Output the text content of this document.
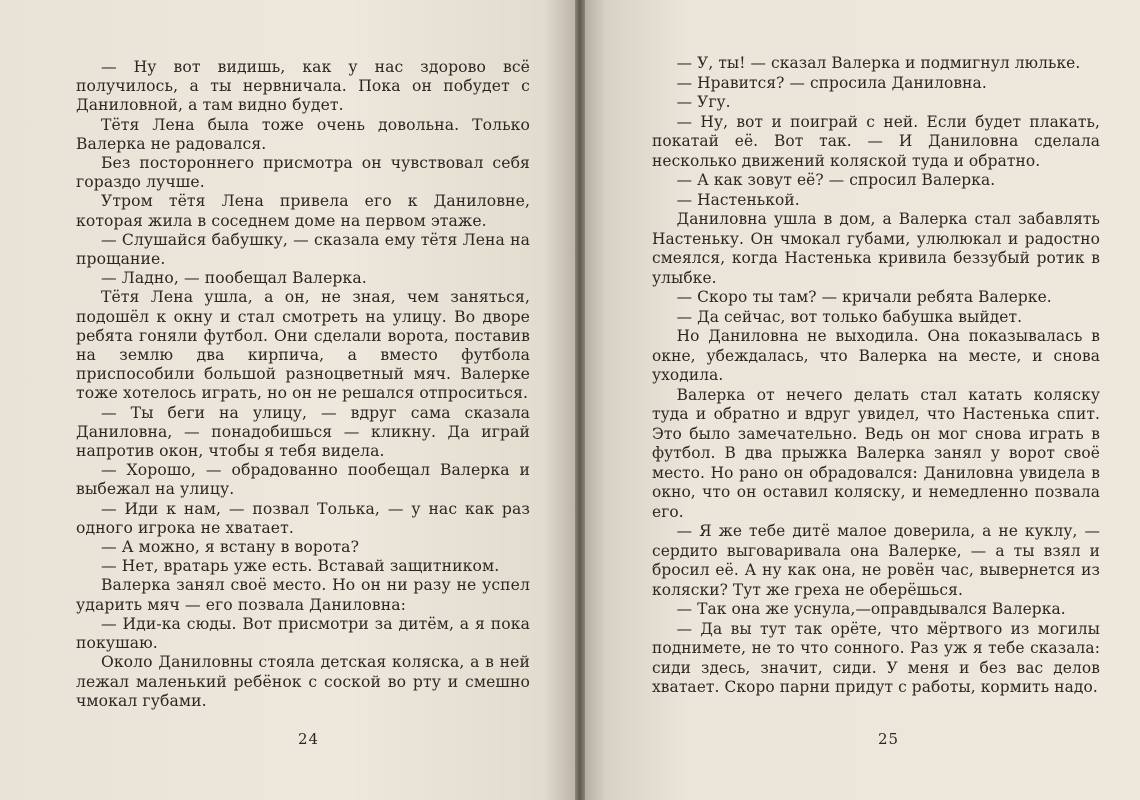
— Ну вот видишь, как у нас здорово всё получилось, а ты нервничала. Пока он побудет с Даниловной, а там видно будет.

Тётя Лена была тоже очень довольна. Только Валерка не радовался.

Без постороннего присмотра он чувствовал себя гораздо лучше.

Утром тётя Лена привела его к Даниловне, которая жила в соседнем доме на первом этаже.

— Слушайся бабушку, — сказала ему тётя Лена на прощание.

— Ладно, — пообещал Валерка.

Тётя Лена ушла, а он, не зная, чем заняться, подошёл к окну и стал смотреть на улицу. Во дворе ребята гоняли футбол. Они сделали ворота, поставив на землю два кирпича, а вместо футбола приспособили большой разноцветный мяч. Валерке тоже хотелось играть, но он не решался отпроситься.

— Ты беги на улицу, — вдруг сама сказала Даниловна, — понадобишься — кликну. Да играй напротив окон, чтобы я тебя видела.

— Хорошо, — обрадованно пообещал Валерка и выбежал на улицу.

— Иди к нам, — позвал Толька, — у нас как раз одного игрока не хватает.

— А можно, я встану в ворота?

— Нет, вратарь уже есть. Вставай защитником.

Валерка занял своё место. Но он ни разу не успел ударить мяч — его позвала Даниловна:

— Иди-ка сюды. Вот присмотри за дитём, а я пока покушаю.

Около Даниловны стояла детская коляска, а в ней лежал маленький ребёнок с соской во рту и смешно чмокал губами.

24

— У, ты! — сказал Валерка и подмигнул люльке.

— Нравится? — спросила Даниловна.

— Угу.

— Ну, вот и поиграй с ней. Если будет плакать, покатай её. Вот так. — И Даниловна сделала несколько движений коляской туда и обратно.

— А как зовут её? — спросил Валерка.

— Настенькой.

Даниловна ушла в дом, а Валерка стал забавлять Настеньку. Он чмокал губами, улюлюкал и радостно смеялся, когда Настенька кривила беззубый ротик в улыбке.

— Скоро ты там? — кричали ребята Валерке.

— Да сейчас, вот только бабушка выйдет.

Но Даниловна не выходила. Она показывалась в окне, убеждалась, что Валерка на месте, и снова уходила.

Валерка от нечего делать стал катать коляску туда и обратно и вдруг увидел, что Настенька спит. Это было замечательно. Ведь он мог снова играть в футбол. В два прыжка Валерка занял у ворот своё место. Но рано он обрадовался: Даниловна увидела в окно, что он оставил коляску, и немедленно позвала его.

— Я же тебе дитё малое доверила, а не куклу, — сердито выговаривала она Валерке, — а ты взял и бросил её. А ну как она, не ровён час, вывернется из коляски? Тут же греха не оберёшься.

— Так она же уснула,—оправдывался Валерка.

— Да вы тут так орёте, что мёртвого из могилы поднимете, не то что сонного. Раз уж я тебе сказала: сиди здесь, значит, сиди. У меня и без вас делов хватает. Скоро парни придут с работы, кормить надо.

25
